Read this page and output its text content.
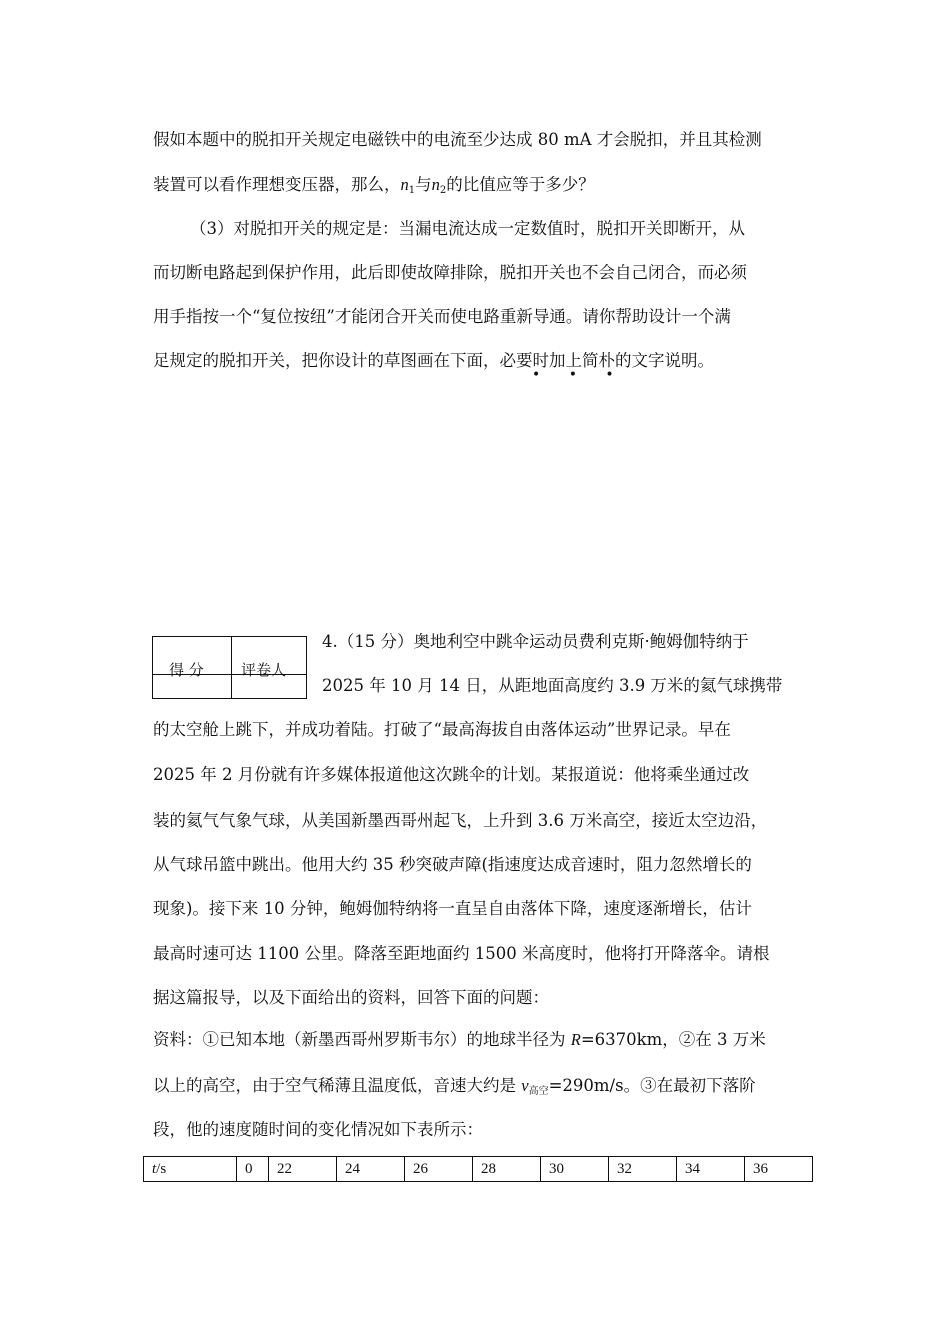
假如本题中的脱扣开关规定电磁铁中的电流至少达成 80 mA 才会脱扣，并且其检测
装置可以看作理想变压器，那么，$n_1$与$n_2$的比值应等于多少？
（3）对脱扣开关的规定是：当漏电流达成一定数值时，脱扣开关即断开，从
而切断电路起到保护作用，此后即使故障排除，脱扣开关也不会自己闭合，而必须
用手指按一个“复位按纽”才能闭合开关而使电路重新导通。请你帮助设计一个满
足规定的脱扣开关，把你设计的草图画在下面，必要时加上简朴的文字说明。
• • •
得 分 评卷人
4.（15 分）奥地利空中跳伞运动员费利克斯·鲍姆伽特纳于
2025 年 10 月 14 日，从距地面高度约 3.9 万米的氦气球携带
的太空舱上跳下，并成功着陆。打破了“最高海拔自由落体运动”世界记录。早在
2025 年 2 月份就有许多媒体报道他这次跳伞的计划。某报道说：他将乘坐通过改
装的氦气气象气球，从美国新墨西哥州起飞，上升到 3.6 万米高空，接近太空边沿，
从气球吊篮中跳出。他用大约 35 秒突破声障(指速度达成音速时，阻力忽然增长的
现象)。接下来 10 分钟，鲍姆伽特纳将一直呈自由落体下降，速度逐渐增长，估计
最高时速可达 1100 公里。降落至距地面约 1500 米高度时，他将打开降落伞。请根
据这篇报导，以及下面给出的资料，回答下面的问题：
资料：①已知本地（新墨西哥州罗斯韦尔）的地球半径为 R=6370km，②在 3 万米
以上的高空，由于空气稀薄且温度低，音速大约是 $v_{高空}=290m/s$。③在最初下落阶
段，他的速度随时间的变化情况如下表所示：
t/s	0	22	24	26	28	30	32	34	36
